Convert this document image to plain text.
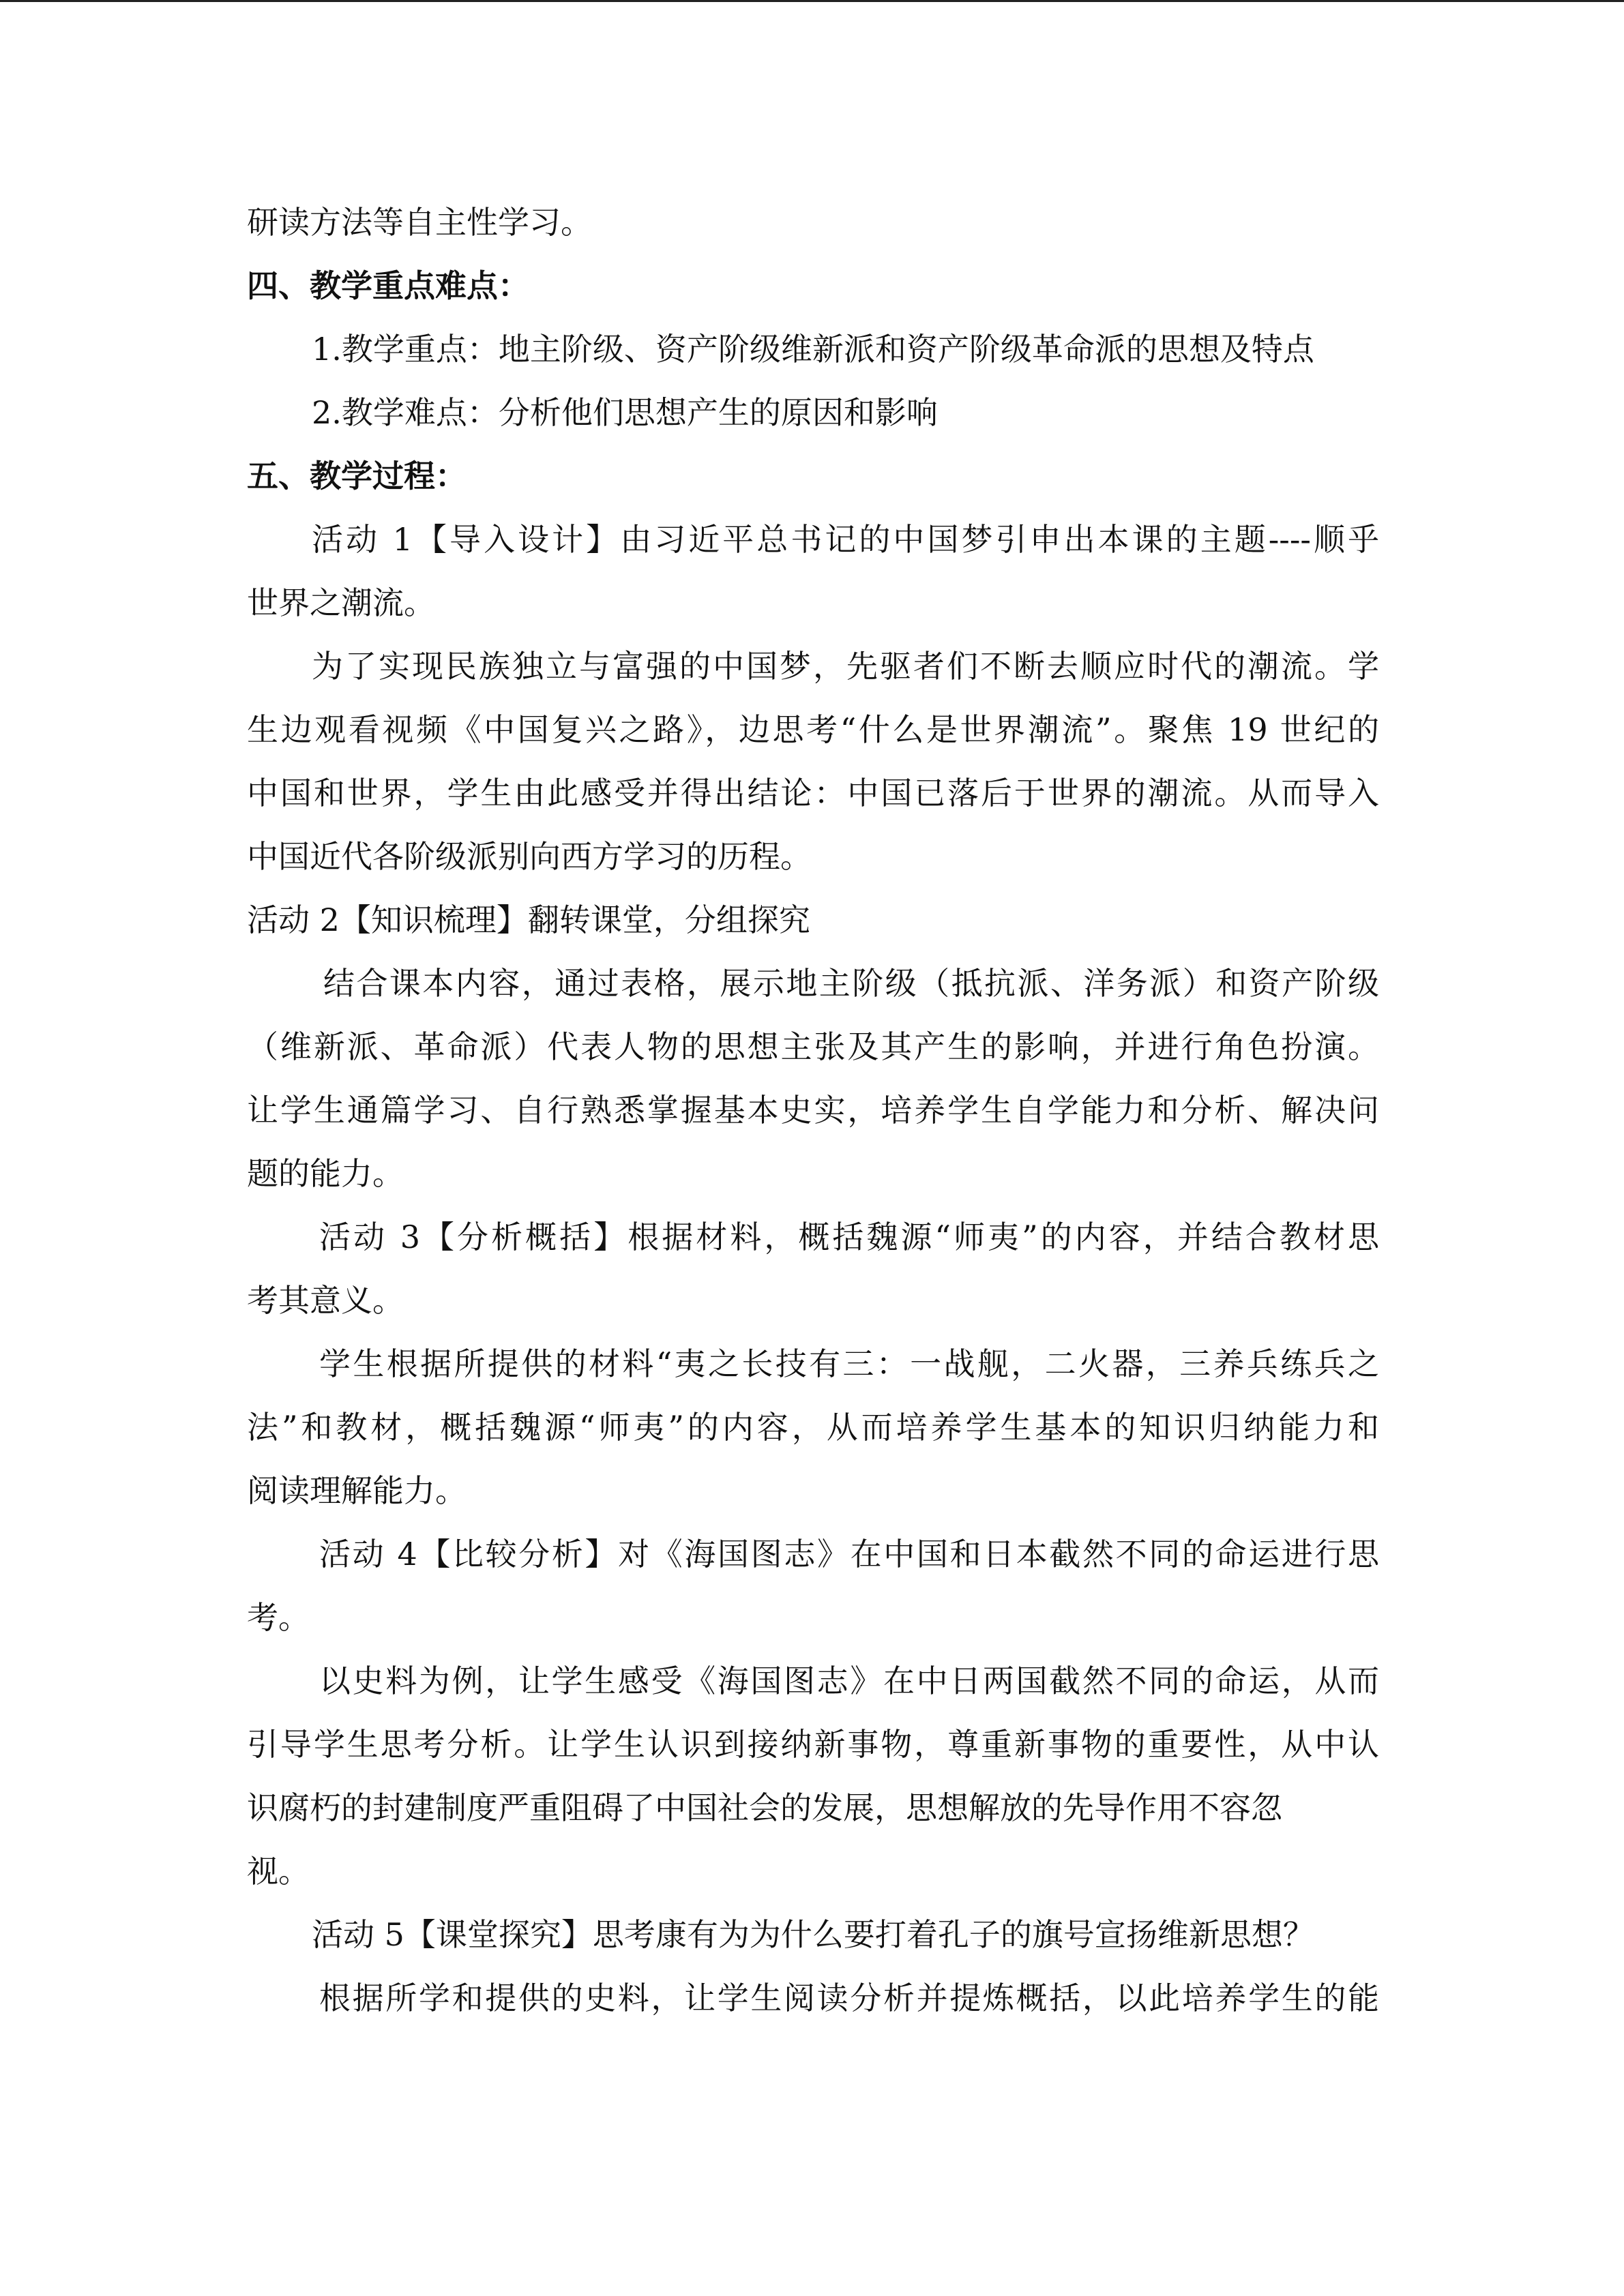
研读方法等自主性学习。

四、教学重点难点：

1.教学重点：地主阶级、资产阶级维新派和资产阶级革命派的思想及特点

2.教学难点：分析他们思想产生的原因和影响

五、教学过程：

活动 1【导入设计】由习近平总书记的中国梦引申出本课的主题----顺乎

世界之潮流。

为了实现民族独立与富强的中国梦，先驱者们不断去顺应时代的潮流。学

生边观看视频《中国复兴之路》，边思考“什么是世界潮流”。聚焦 19 世纪的

中国和世界，学生由此感受并得出结论：中国已落后于世界的潮流。从而导入

中国近代各阶级派别向西方学习的历程。

活动 2【知识梳理】翻转课堂，分组探究

结合课本内容，通过表格，展示地主阶级（抵抗派、洋务派）和资产阶级

（维新派、革命派）代表人物的思想主张及其产生的影响，并进行角色扮演。

让学生通篇学习、自行熟悉掌握基本史实，培养学生自学能力和分析、解决问

题的能力。

活动 3【分析概括】根据材料，概括魏源“师夷”的内容，并结合教材思

考其意义。

学生根据所提供的材料“夷之长技有三：一战舰，二火器，三养兵练兵之

法”和教材，概括魏源“师夷”的内容，从而培养学生基本的知识归纳能力和

阅读理解能力。

活动 4【比较分析】对《海国图志》在中国和日本截然不同的命运进行思

考。

以史料为例，让学生感受《海国图志》在中日两国截然不同的命运，从而

引导学生思考分析。让学生认识到接纳新事物，尊重新事物的重要性，从中认

识腐朽的封建制度严重阻碍了中国社会的发展，思想解放的先导作用不容忽

视。

活动 5【课堂探究】思考康有为为什么要打着孔子的旗号宣扬维新思想？

根据所学和提供的史料，让学生阅读分析并提炼概括，以此培养学生的能
